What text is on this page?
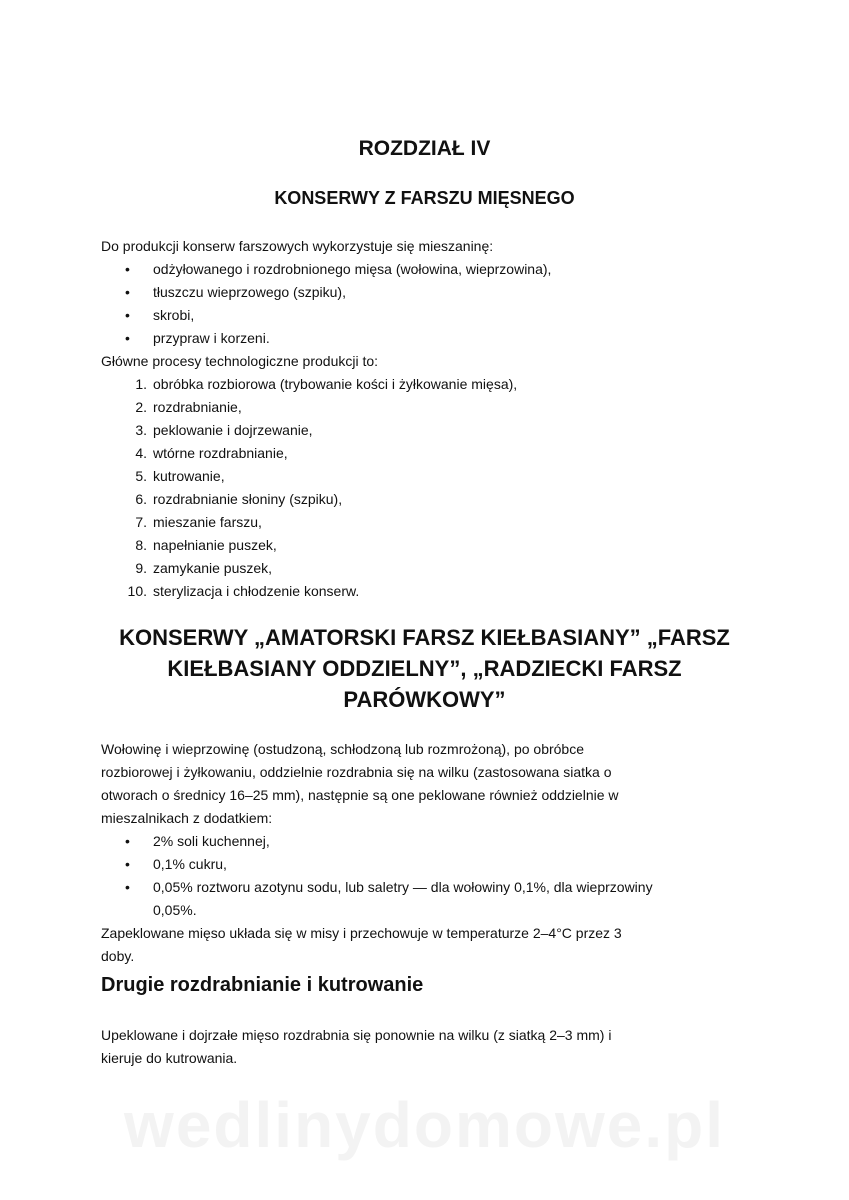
ROZDZIAŁ IV
KONSERWY Z FARSZU MIĘSNEGO
Do produkcji konserw farszowych wykorzystuje się mieszaninę:
• odżyłowanego i rozdrobnionego mięsa (wołowina, wieprzowina),
• tłuszczu wieprzowego (szpiku),
• skrobi,
• przypraw i korzeni.
Główne procesy technologiczne produkcji to:
1. obróbka rozbiorowa (trybowanie kości i żyłkowanie mięsa),
2. rozdrabnianie,
3. peklowanie i dojrzewanie,
4. wtórne rozdrabnianie,
5. kutrowanie,
6. rozdrabnianie słoniny (szpiku),
7. mieszanie farszu,
8. napełnianie puszek,
9. zamykanie puszek,
10. sterylizacja i chłodzenie konserw.
KONSERWY „AMATORSKI FARSZ KIEŁBASIANY” „FARSZ
KIEŁBASIANY ODDZIELNY”, „RADZIECKI FARSZ
PARÓWKOWY”

Wołowinę i wieprzowinę (ostudzoną, schłodzoną lub rozmrożoną), po obróbce
rozbiorowej i żyłkowaniu, oddzielnie rozdrabnia się na wilku (zastosowana siatka o
otworach o średnicy 16–25 mm), następnie są one peklowane również oddzielnie w
mieszalnikach z dodatkiem:

• 2% soli kuchennej,
• 0,1% cukru,
• 0,05% roztworu azotynu sodu, lub saletry — dla wołowiny 0,1%, dla wieprzowiny
0,05%.

Zapeklowane mięso układa się w misy i przechowuje w temperaturze 2–4°C przez 3
doby.

Drugie rozdrabnianie i kutrowanie

Upeklowane i dojrzałe mięso rozdrabnia się ponownie na wilku (z siatką 2–3 mm) i
kieruje do kutrowania.

wedlinydomowe.pl
